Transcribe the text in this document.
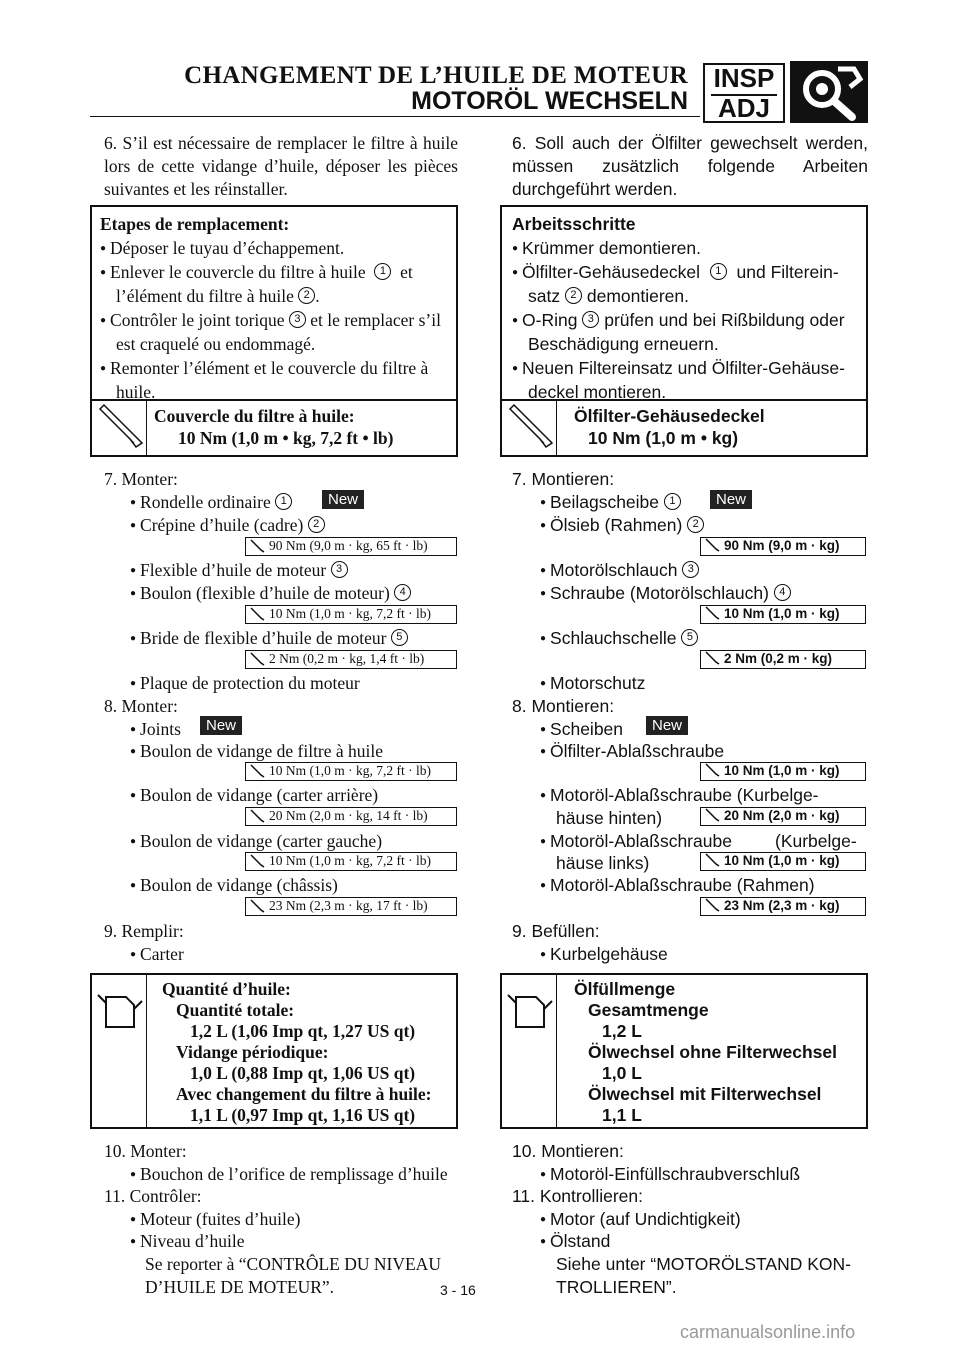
CHANGEMENT DE L’HUILE DE MOTEUR
MOTORÖL WECHSELN
INSP
ADJ
6. S’il est nécessaire de remplacer le filtre à huile lors de cette vidange d’huile, déposer les pièces suivantes et les réinstaller.
Etapes de remplacement:
● Déposer le tuyau d’échappement.
● Enlever le couvercle du filtre à huile 1 et
l’élément du filtre à huile 2 .
● Contrôler le joint torique 3 et le remplacer s’il
est craquelé ou endommagé.
● Remonter l’élément et le couvercle du filtre à
huile.
Couvercle du filtre à huile:
10 Nm (1,0 m • kg, 7,2 ft • lb)
7. Monter:
● Rondelle ordinaire 1	New
● Crépine d’huile (cadre) 2
90 Nm (9,0 m · kg, 65 ft · lb)
● Flexible d’huile de moteur 3
● Boulon (flexible d’huile de moteur) 4
10 Nm (1,0 m · kg, 7,2 ft · lb)
● Bride de flexible d’huile de moteur 5
2 Nm (0,2 m · kg, 1,4 ft · lb)
● Plaque de protection du moteur
8. Monter:
● Joints	New
● Boulon de vidange de filtre à huile
10 Nm (1,0 m · kg, 7,2 ft · lb)
● Boulon de vidange (carter arrière)
20 Nm (2,0 m · kg, 14 ft · lb)
● Boulon de vidange (carter gauche)
10 Nm (1,0 m · kg, 7,2 ft · lb)
● Boulon de vidange (châssis)
23 Nm (2,3 m · kg, 17 ft · lb)
9. Remplir:
● Carter
Quantité d’huile:
Quantité totale:
1,2 L (1,06 Imp qt, 1,27 US qt)
Vidange périodique:
1,0 L (0,88 Imp qt, 1,06 US qt)
Avec changement du filtre à huile:
1,1 L (0,97 Imp qt, 1,16 US qt)
10. Monter:
● Bouchon de l’orifice de remplissage d’huile
11. Contrôler:
● Moteur (fuites d’huile)
● Niveau d’huile
Se reporter à “CONTRÔLE DU NIVEAU
D’HUILE DE MOTEUR”.
6. Soll auch der Ölfilter gewechselt werden, müssen zusätzlich folgende Arbeiten durchgeführt werden.
Arbeitsschritte
● Krümmer demontieren.
● Ölfilter-Gehäusedeckel 1 und Filterein-
satz 2 demontieren.
● O-Ring 3 prüfen und bei Rißbildung oder
Beschädigung erneuern.
● Neuen Filtereinsatz und Ölfilter-Gehäuse-
deckel montieren.
Ölfilter-Gehäusedeckel
10 Nm (1,0 m • kg)
7. Montieren:
● Beilagscheibe 1	New
● Ölsieb (Rahmen) 2
90 Nm (9,0 m · kg)
● Motorölschlauch 3
● Schraube (Motorölschlauch) 4
10 Nm (1,0 m · kg)
● Schlauchschelle 5
2 Nm (0,2 m · kg)
● Motorschutz
8. Montieren:
● Scheiben	New
● Ölfilter-Ablaßschraube
10 Nm (1,0 m · kg)
● Motoröl-Ablaßschraube (Kurbelge-
häuse hinten)	20 Nm (2,0 m · kg)
● Motoröl-Ablaßschraube (Kurbelge-
häuse links)	10 Nm (1,0 m · kg)
● Motoröl-Ablaßschraube (Rahmen)
23 Nm (2,3 m · kg)
9. Befüllen:
● Kurbelgehäuse
Ölfüllmenge
Gesamtmenge
1,2 L
Ölwechsel ohne Filterwechsel
1,0 L
Ölwechsel mit Filterwechsel
1,1 L
10. Montieren:
● Motoröl-Einfüllschraubverschluß
11. Kontrollieren:
● Motor (auf Undichtigkeit)
● Ölstand
Siehe unter “MOTORÖLSTAND KON-
TROLLIEREN”.
3 - 16
carmanualsonline.info
